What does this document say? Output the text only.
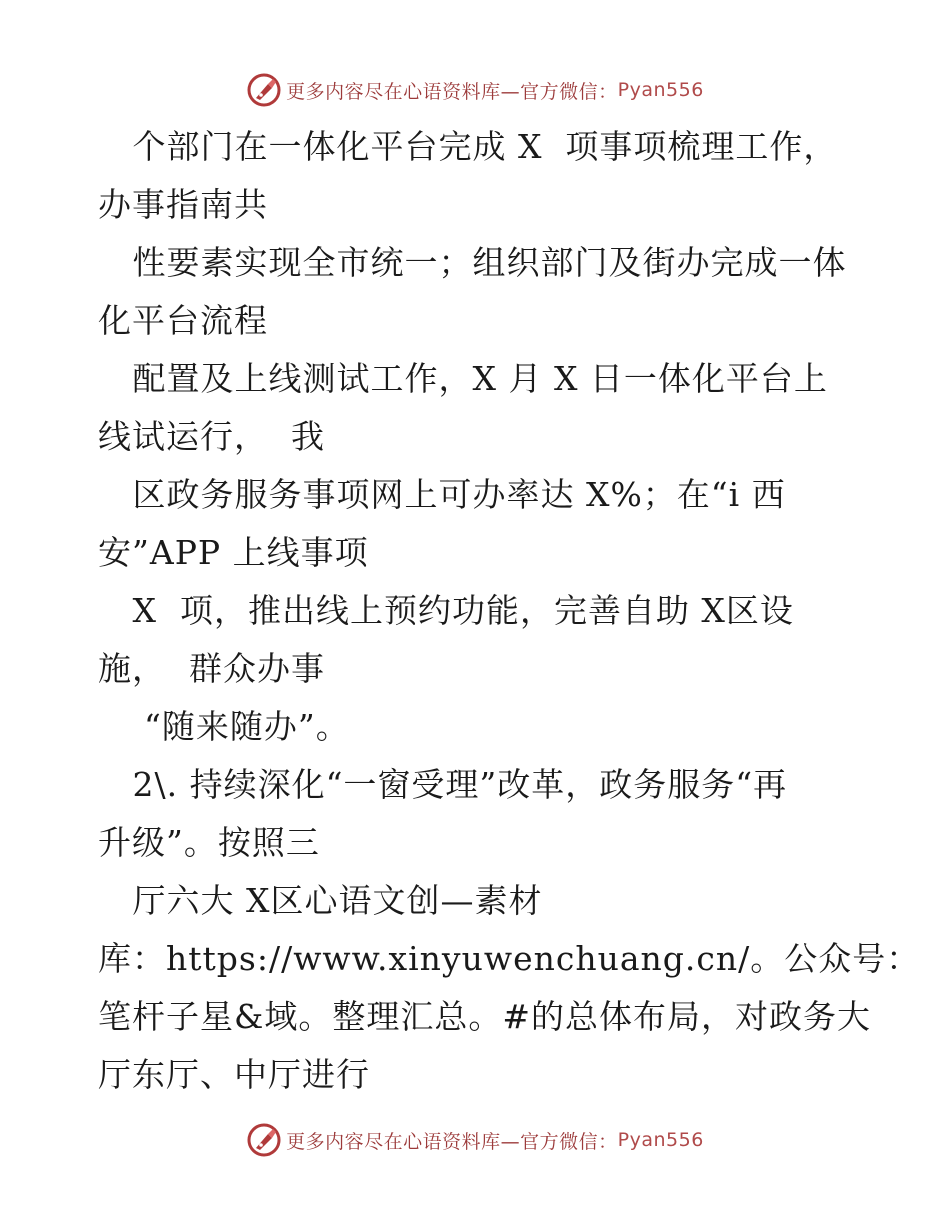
更多内容尽在心语资料库—官方微信： Pyan556
个部门在一体化平台完成 X  项事项梳理工作，
办事指南共
性要素实现全市统一；组织部门及街办完成一体
化平台流程
配置及上线测试工作，X 月 X 日一体化平台上
线试运行，  我
区政务服务事项网上可办率达 X%；在“i 西
安”APP 上线事项
X  项，推出线上预约功能，完善自助 X区设
施，  群众办事
“随来随办”。
2\. 持续深化“一窗受理”改革，政务服务“再
升级”。按照三
厅六大 X区心语文创—素材
库：https://www.xinyuwenchuang.cn/。公众号：
笔杆子星&域。整理汇总。#的总体布局，对政务大
厅东厅、中厅进行
更多内容尽在心语资料库—官方微信： Pyan556
